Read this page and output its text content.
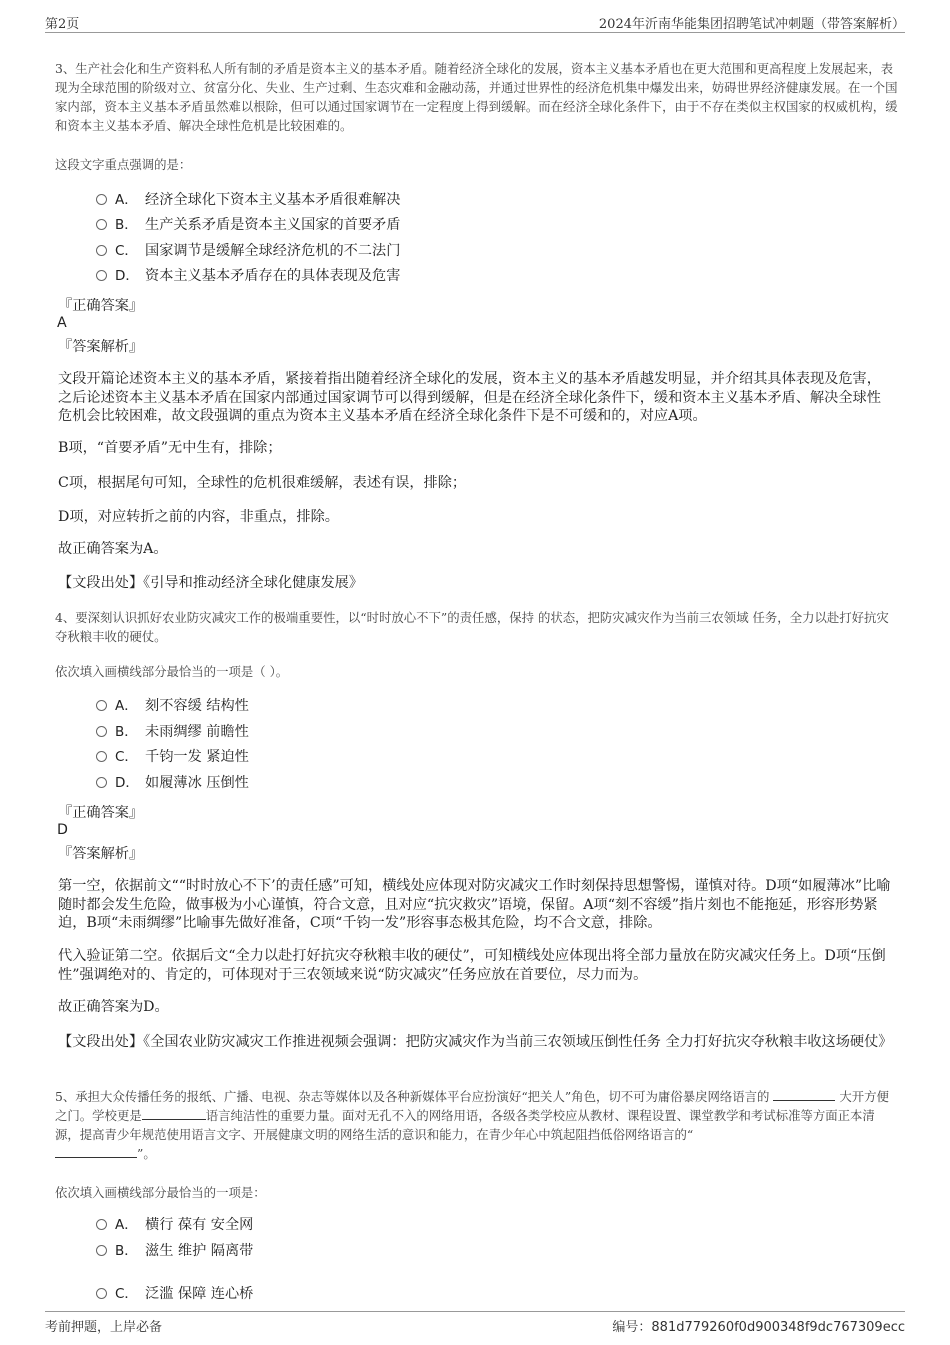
第2页	2024年沂南华能集团招聘笔试冲刺题（带答案解析）
3、生产社会化和生产资料私人所有制的矛盾是资本主义的基本矛盾。随着经济全球化的发展，资本主义基本矛盾也在更大范围和更高程度上发展起来，表现为全球范围的阶级对立、贫富分化、失业、生产过剩、生态灾难和金融动荡，并通过世界性的经济危机集中爆发出来，妨碍世界经济健康发展。在一个国家内部，资本主义基本矛盾虽然难以根除，但可以通过国家调节在一定程度上得到缓解。而在经济全球化条件下，由于不存在类似主权国家的权威机构，缓和资本主义基本矛盾、解决全球性危机是比较困难的。
这段文字重点强调的是：
A． 经济全球化下资本主义基本矛盾很难解决
B． 生产关系矛盾是资本主义国家的首要矛盾
C． 国家调节是缓解全球经济危机的不二法门
D． 资本主义基本矛盾存在的具体表现及危害
『正确答案』
A
『答案解析』
文段开篇论述资本主义的基本矛盾，紧接着指出随着经济全球化的发展，资本主义的基本矛盾越发明显，并介绍其具体表现及危害，之后论述资本主义基本矛盾在国家内部通过国家调节可以得到缓解，但是在经济全球化条件下，缓和资本主义基本矛盾、解决全球性危机会比较困难，故文段强调的重点为资本主义基本矛盾在经济全球化条件下是不可缓和的，对应A项。
B项，“首要矛盾”无中生有，排除；
C项，根据尾句可知，全球性的危机很难缓解，表述有误，排除；
D项，对应转折之前的内容，非重点，排除。
故正确答案为A。
【文段出处】《引导和推动经济全球化健康发展》
4、要深刻认识抓好农业防灾减灾工作的极端重要性，以“时时放心不下”的责任感，保持 的状态，把防灾减灾作为当前三农领域 任务，全力以赴打好抗灾夺秋粮丰收的硬仗。
依次填入画横线部分最恰当的一项是（ ）。
A． 刻不容缓 结构性
B． 未雨绸缪 前瞻性
C． 千钧一发 紧迫性
D． 如履薄冰 压倒性
『正确答案』
D
『答案解析』
第一空，依据前文““时时放心不下’的责任感”可知，横线处应体现对防灾减灾工作时刻保持思想警惕，谨慎对待。D项“如履薄冰”比喻随时都会发生危险，做事极为小心谨慎，符合文意，且对应“抗灾救灾”语境，保留。A项“刻不容缓”指片刻也不能拖延，形容形势紧迫，B项“未雨绸缪”比喻事先做好准备，C项“千钧一发”形容事态极其危险，均不合文意，排除。
代入验证第二空。依据后文“全力以赴打好抗灾夺秋粮丰收的硬仗”，可知横线处应体现出将全部力量放在防灾减灾任务上。D项“压倒性”强调绝对的、肯定的，可体现对于三农领域来说“防灾减灾”任务应放在首要位，尽力而为。
故正确答案为D。
【文段出处】《全国农业防灾减灾工作推进视频会强调：把防灾减灾作为当前三农领域压倒性任务 全力打好抗灾夺秋粮丰收这场硬仗》
5、承担大众传播任务的报纸、广播、电视、杂志等媒体以及各种新媒体平台应扮演好“把关人”角色，切不可为庸俗暴戾网络语言的	大开方便之门。学校更是	语言纯洁性的重要力量。面对无孔不入的网络用语，各级各类学校应从教材、课程设置、课堂教学和考试标准等方面正本清源，提高青少年规范使用语言文字、开展健康文明的网络生活的意识和能力，在青少年心中筑起阻挡低俗网络语言的“
”。
依次填入画横线部分最恰当的一项是：
A． 横行 葆有 安全网
B． 滋生 维护 隔离带
C． 泛滥 保障 连心桥
考前押题，上岸必备	编号：881d779260f0d900348f9dc767309ecc
